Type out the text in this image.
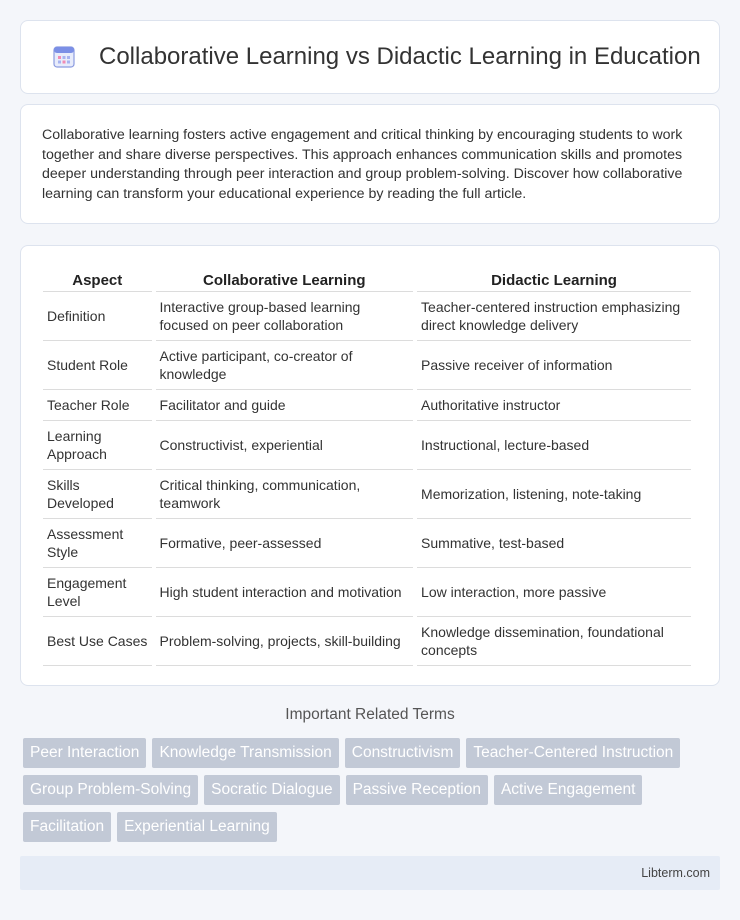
Collaborative Learning vs Didactic Learning in Education

Collaborative learning fosters active engagement and critical thinking by encouraging students to work together and share diverse perspectives. This approach enhances communication skills and promotes deeper understanding through peer interaction and group problem-solving. Discover how collaborative learning can transform your educational experience by reading the full article.

Aspect	Collaborative Learning	Didactic Learning
Definition	Interactive group-based learning focused on peer collaboration	Teacher-centered instruction emphasizing direct knowledge delivery
Student Role	Active participant, co-creator of knowledge	Passive receiver of information
Teacher Role	Facilitator and guide	Authoritative instructor
Learning Approach	Constructivist, experiential	Instructional, lecture-based
Skills Developed	Critical thinking, communication, teamwork	Memorization, listening, note-taking
Assessment Style	Formative, peer-assessed	Summative, test-based
Engagement Level	High student interaction and motivation	Low interaction, more passive
Best Use Cases	Problem-solving, projects, skill-building	Knowledge dissemination, foundational concepts
Important Related Terms
Peer Interaction	Knowledge Transmission	Constructivism	Teacher-Centered Instruction
Group Problem-Solving	Socratic Dialogue	Passive Reception	Active Engagement
Facilitation	Experiential Learning
Libterm.com
